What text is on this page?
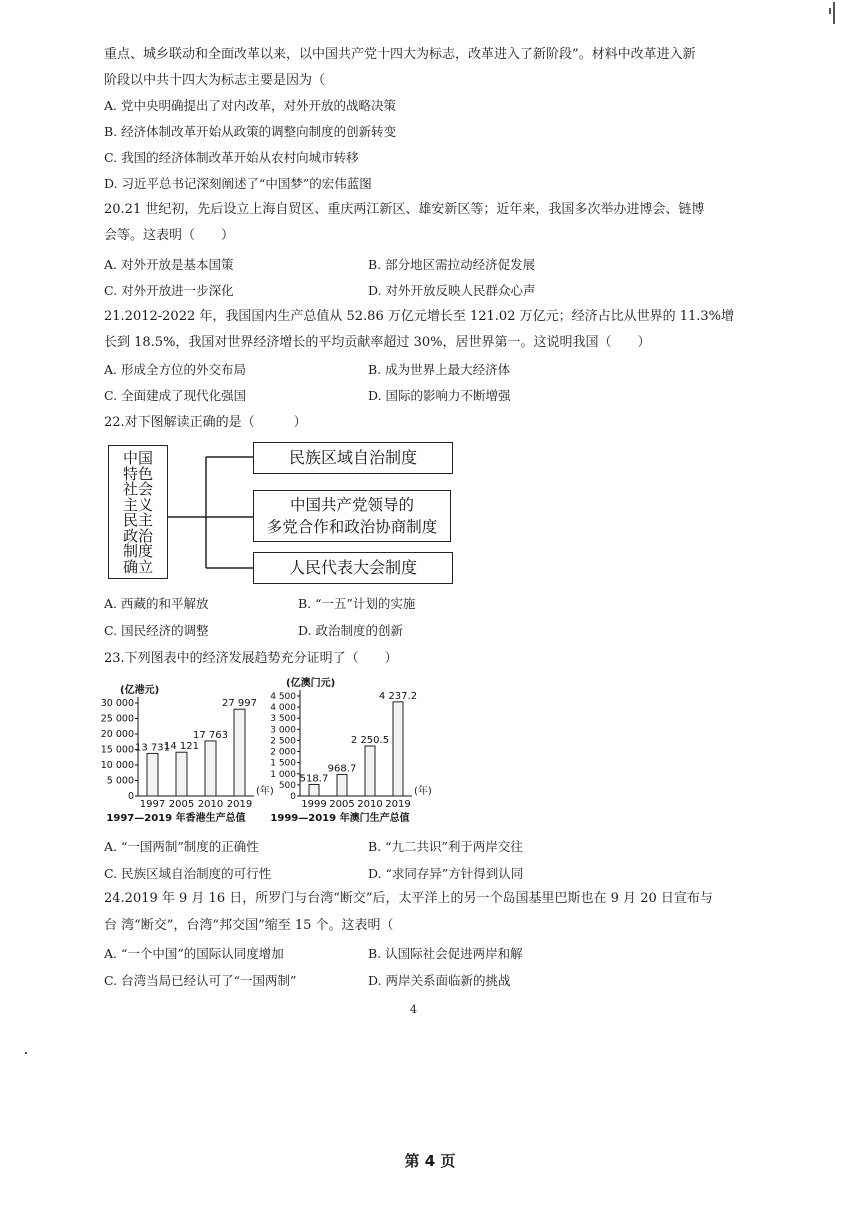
重点、城乡联动和全面改革以来，以中国共产党十四大为标志，改革进入了新阶段”。材料中改革进入新
阶段以中共十四大为标志主要是因为（
A. 党中央明确提出了对内改革，对外开放的战略决策
B. 经济体制改革开始从政策的调整向制度的创新转变
C. 我国的经济体制改革开始从农村向城市转移
D. 习近平总书记深刻阐述了“中国梦”的宏伟蓝图
20.21 世纪初，先后设立上海自贸区、重庆两江新区、雄安新区等；近年来，我国多次举办进博会、链博
会等。这表明（　　）
A. 对外开放是基本国策	B. 部分地区需拉动经济促发展
C. 对外开放进一步深化	D. 对外开放反映人民群众心声
21.2012-2022 年，我国国内生产总值从 52.86 万亿元增长至 121.02 万亿元；经济占比从世界的 11.3%增
长到 18.5%，我国对世界经济增长的平均贡献率超过 30%，居世界第一。这说明我国（　　）
A. 形成全方位的外交布局	B. 成为世界上最大经济体
C. 全面建成了现代化强国	D. 国际的影响力不断增强
22.对下图解读正确的是（　　　）
中国
特色
社会
主义
民主
政治
制度
确立
民族区域自治制度
中国共产党领导的
多党合作和政治协商制度
人民代表大会制度
A. 西藏的和平解放	B. “一五”计划的实施
C. 国民经济的调整	D. 政治制度的创新
23.下列图表中的经济发展趋势充分证明了（　　）
(亿港元)
(年)
0
5 000
10 000
15 000
20 000
25 000
30 000
13 731
1997
14 121
2005
17 763
2010
27 997
2019
1997—2019 年香港生产总值
(亿澳门元)
(年)
0
500
1 000
1 500
2 000
2 500
3 000
3 500
4 000
4 500
518.7
1999
968.7
2005
2 250.5
2010
4 237.2
2019
1999—2019 年澳门生产总值
A. “一国两制”制度的正确性	B. “九二共识”利于两岸交往
C. 民族区域自治制度的可行性	D. “求同存异”方针得到认同
24.2019 年 9 月 16 日，所罗门与台湾“断交”后，太平洋上的另一个岛国基里巴斯也在 9 月 20 日宣布与
台 湾“断交”，台湾“邦交国”缩至 15 个。这表明（
A. “一个中国”的国际认同度增加	B. 认国际社会促进两岸和解
C. 台湾当局已经认可了“一国两制”	D. 两岸关系面临新的挑战
4
第 4 页
